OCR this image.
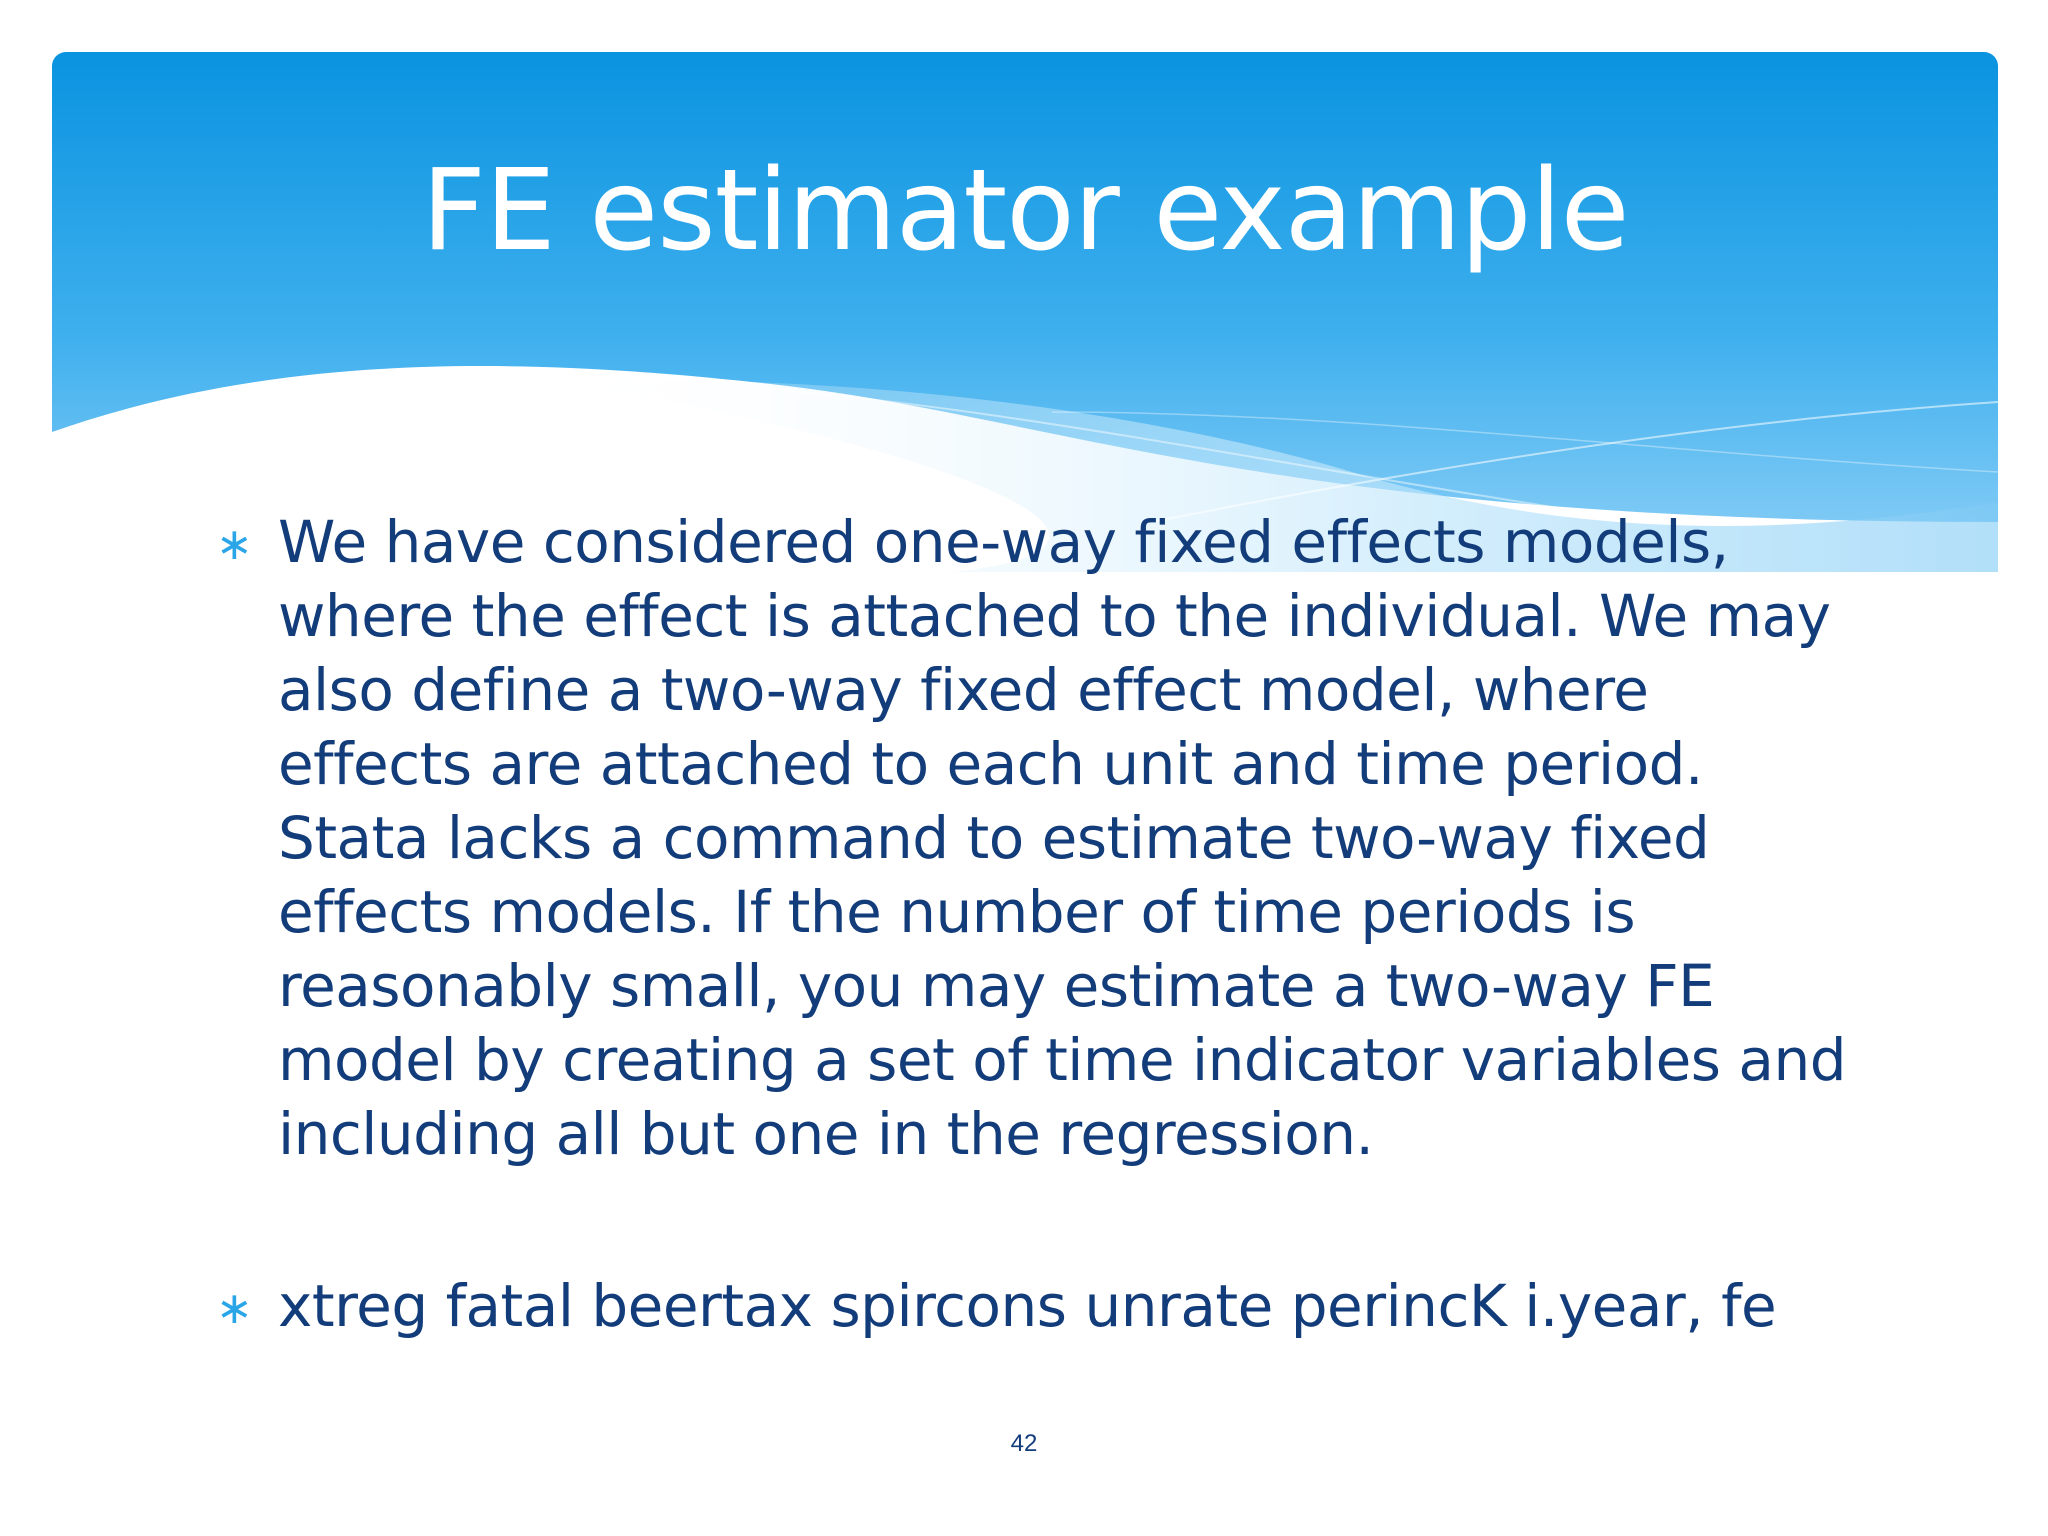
FE estimator example
∗ We have considered one-way fixed effects models,
where the effect is attached to the individual. We may
also define a two-way fixed effect model, where
effects are attached to each unit and time period.
Stata lacks a command to estimate two-way fixed
effects models. If the number of time periods is
reasonably small, you may estimate a two-way FE
model by creating a set of time indicator variables and
including all but one in the regression.
∗ xtreg fatal beertax spircons unrate perincK i.year, fe
42
